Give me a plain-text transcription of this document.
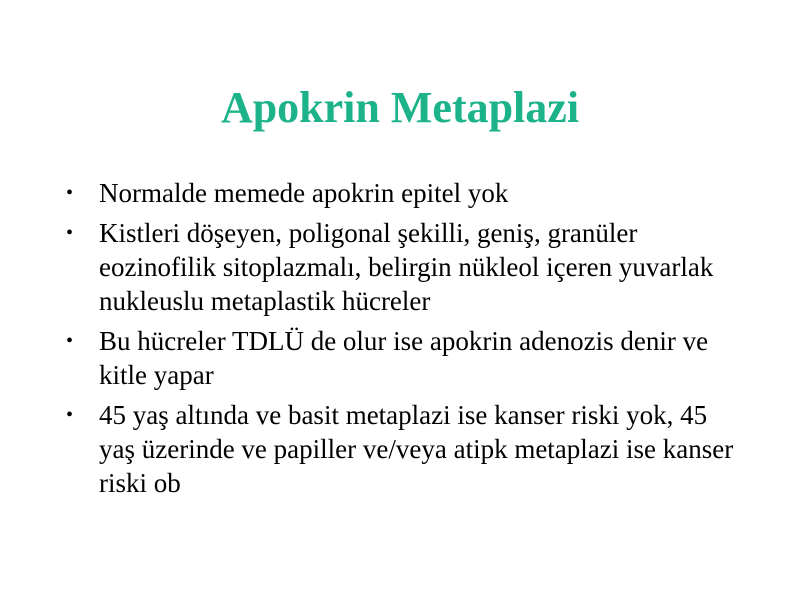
Apokrin Metaplazi
• Normalde memede apokrin epitel yok
• Kistleri döşeyen, poligonal şekilli, geniş, granüler eozinofilik sitoplazmalı, belirgin nükleol içeren yuvarlak nukleuslu metaplastik hücreler
• Bu hücreler TDLÜ de olur ise apokrin adenozis denir ve kitle yapar
• 45 yaş altında ve basit metaplazi ise kanser riski yok, 45 yaş üzerinde ve papiller ve/veya atipk metaplazi ise kanser riski ob
